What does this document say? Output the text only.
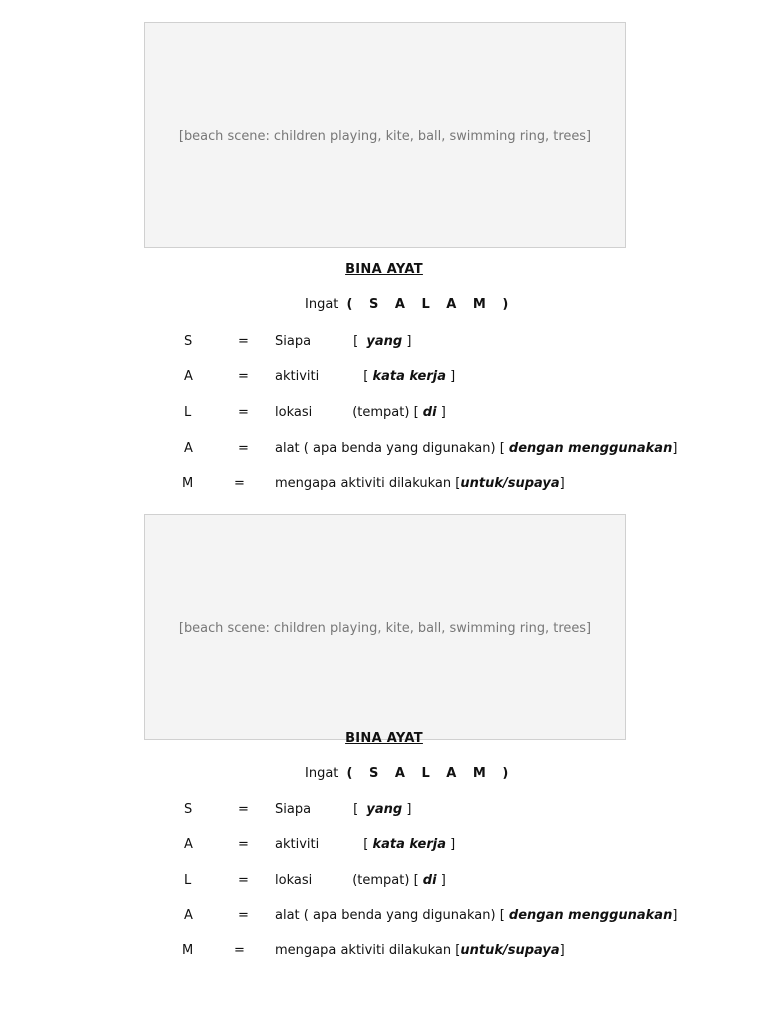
[beach scene: children playing, kite, ball, swimming ring, trees]
BINA AYAT
Ingat ( S A L A M )
S	= Siapa	[ yang ]
A	= aktiviti	[ kata kerja ]
L	= lokasi	(tempat) [ di ]
A	= alat ( apa benda yang digunakan) [ dengan menggunakan]
M	= mengapa aktiviti dilakukan [untuk/supaya]
[beach scene: children playing, kite, ball, swimming ring, trees]
BINA AYAT
Ingat ( S A L A M )
S	= Siapa	[ yang ]
A	= aktiviti	[ kata kerja ]
L	= lokasi	(tempat) [ di ]
A	= alat ( apa benda yang digunakan) [ dengan menggunakan]
M	= mengapa aktiviti dilakukan [untuk/supaya]
